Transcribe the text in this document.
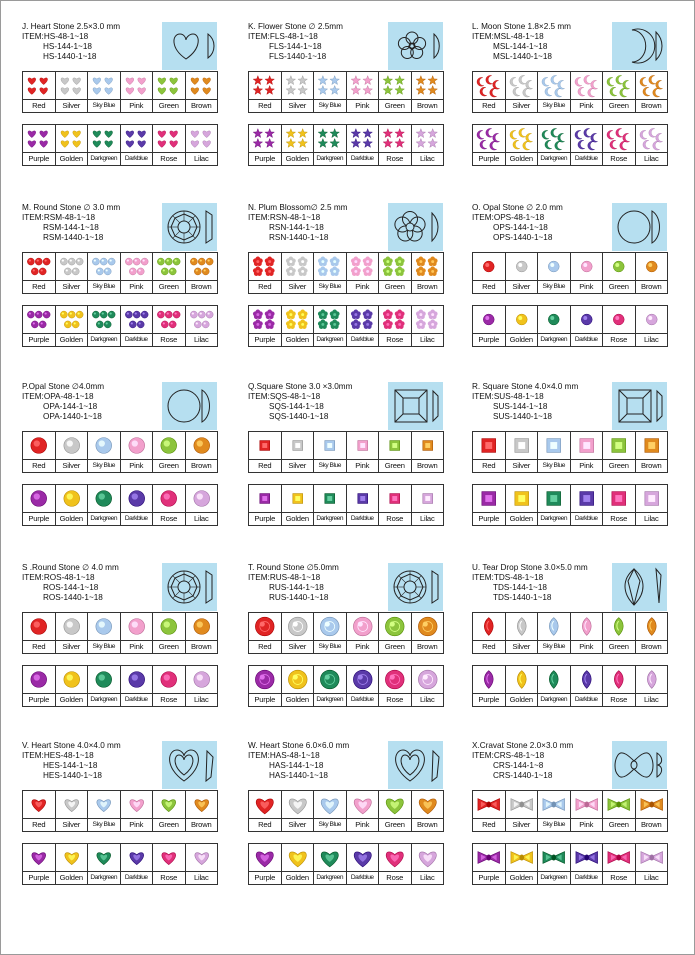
J. Heart Stone 2.5×3.0 mm
ITEM:HS-48-1~18
HS-144-1~18
HS-1440-1~18
Red	Silver	Sky Blue	Pink	Green	Brown
Purple	Golden	Darkgreen	Darkblue	Rose	Lilac
K. Flower Stone ∅ 2.5mm
ITEM:FLS-48-1~18
FLS-144-1~18
FLS-1440-1~18
Red	Silver	Sky Blue	Pink	Green	Brown
Purple	Golden	Darkgreen	Darkblue	Rose	Lilac
L. Moon Stone 1.8×2.5 mm
ITEM:MSL-48-1~18
MSL-144-1~18
MSL-1440-1~18
Red	Silver	Sky Blue	Pink	Green	Brown
Purple	Golden	Darkgreen	Darkblue	Rose	Lilac
M. Round Stone ∅ 3.0 mm
ITEM:RSM-48-1~18
RSM-144-1~18
RSM-1440-1~18
Red	Silver	Sky Blue	Pink	Green	Brown
Purple	Golden	Darkgreen	Darkblue	Rose	Lilac
N. Plum Blossom∅ 2.5 mm
ITEM:RSN-48-1~18
RSN-144-1~18
RSN-1440-1~18
Red	Silver	Sky Blue	Pink	Green	Brown
Purple	Golden	Darkgreen	Darkblue	Rose	Lilac
O. Opal Stone ∅ 2.0 mm
ITEM:OPS-48-1~18
OPS-144-1~18
OPS-1440-1~18
Red	Silver	Sky Blue	Pink	Green	Brown
Purple	Golden	Darkgreen	Darkblue	Rose	Lilac
P.Opal Stone ∅4.0mm
ITEM:OPA-48-1~18
OPA-144-1~18
OPA-1440-1~18
Red	Silver	Sky Blue	Pink	Green	Brown
Purple	Golden	Darkgreen	Darkblue	Rose	Lilac
Q.Square Stone 3.0 ×3.0mm
ITEM:SQS-48-1~18
SQS-144-1~18
SQS-1440-1~18
Red	Silver	Sky Blue	Pink	Green	Brown
Purple	Golden	Darkgreen	Darkblue	Rose	Lilac
R. Square Stone 4.0×4.0 mm
ITEM:SUS-48-1~18
SUS-144-1~18
SUS-1440-1~18
Red	Silver	Sky Blue	Pink	Green	Brown
Purple	Golden	Darkgreen	Darkblue	Rose	Lilac
S .Round Stone ∅ 4.0 mm
ITEM:ROS-48-1~18
ROS-144-1~18
ROS-1440-1~18
Red	Silver	Sky Blue	Pink	Green	Brown
Purple	Golden	Darkgreen	Darkblue	Rose	Lilac
T. Round Stone ∅5.0mm
ITEM:RUS-48-1~18
RUS-144-1~18
RUS-1440-1~18
Red	Silver	Sky Blue	Pink	Green	Brown
Purple	Golden	Darkgreen	Darkblue	Rose	Lilac
U. Tear Drop Stone 3.0×5.0 mm
ITEM:TDS-48-1~18
TDS-144-1~18
TDS-1440-1~18
Red	Silver	Sky Blue	Pink	Green	Brown
Purple	Golden	Darkgreen	Darkblue	Rose	Lilac
V. Heart Stone 4.0×4.0 mm
ITEM:HES-48-1~18
HES-144-1~18
HES-1440-1~18
Red	Silver	Sky Blue	Pink	Green	Brown
Purple	Golden	Darkgreen	Darkblue	Rose	Lilac
W. Heart Stone 6.0×6.0 mm
ITEM:HAS-48-1~18
HAS-144-1~18
HAS-1440-1~18
Red	Silver	Sky Blue	Pink	Green	Brown
Purple	Golden	Darkgreen	Darkblue	Rose	Lilac
X.Cravat Stone 2.0×3.0 mm
ITEM:CRS-48-1~18
CRS-144-1~8
CRS-1440-1~18
Red	Silver	Sky Blue	Pink	Green	Brown
Purple	Golden	Darkgreen	Darkblue	Rose	Lilac
